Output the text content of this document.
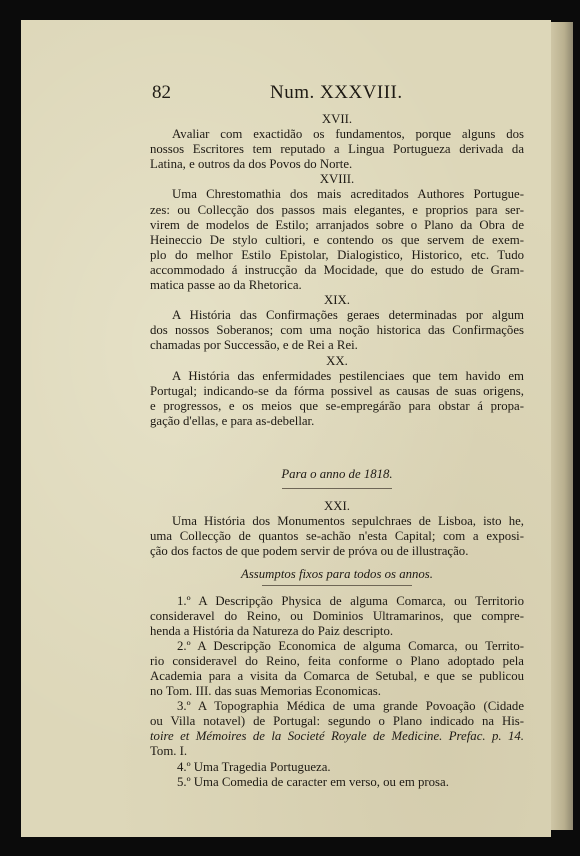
82	Num. XXXVIII.
XVII.
Avaliar com exactidão os fundamentos, porque alguns dos
nossos Escritores tem reputado a Lingua Portugueza derivada da
Latina, e outros da dos Povos do Norte.
XVIII.
Uma Chrestomathia dos mais acreditados Authores Portugue-
zes: ou Collecção dos passos mais elegantes, e proprios para ser-
virem de modelos de Estilo; arranjados sobre o Plano da Obra de
Heineccio De stylo cultiori, e contendo os que servem de exem-
plo do melhor Estilo Epistolar, Dialogistico, Historico, etc. Tudo
accommodado á instrucção da Mocidade, que do estudo de Gram-
matica passe ao da Rhetorica.
XIX.
A História das Confirmações geraes determinadas por algum
dos nossos Soberanos; com uma noção historica das Confirmações
chamadas por Successão, e de Rei a Rei.
XX.
A História das enfermidades pestilenciaes que tem havido em
Portugal; indicando-se da fórma possivel as causas de suas origens,
e progressos, e os meios que se-empregárão para obstar á propa-
gação d'ellas, e para as-debellar.
Para o anno de 1818.
XXI.
Uma História dos Monumentos sepulchraes de Lisboa, isto he,
uma Collecção de quantos se-achão n'esta Capital; com a exposi-
ção dos factos de que podem servir de próva ou de illustração.
Assumptos fixos para todos os annos.
1.º A Descripção Physica de alguma Comarca, ou Territorio
consideravel do Reino, ou Dominios Ultramarinos, que compre-
henda a História da Natureza do Paiz descripto.
2.º A Descripção Economica de alguma Comarca, ou Territo-
rio consideravel do Reino, feita conforme o Plano adoptado pela
Academia para a visita da Comarca de Setubal, e que se publicou
no Tom. III. das suas Memorias Economicas.
3.º A Topographia Médica de uma grande Povoação (Cidade
ou Villa notavel) de Portugal: segundo o Plano indicado na His-
toire et Mémoires de la Societé Royale de Medicine. Prefac. p. 14.
Tom. I.
4.º Uma Tragedia Portugueza.
5.º Uma Comedia de caracter em verso, ou em prosa.
